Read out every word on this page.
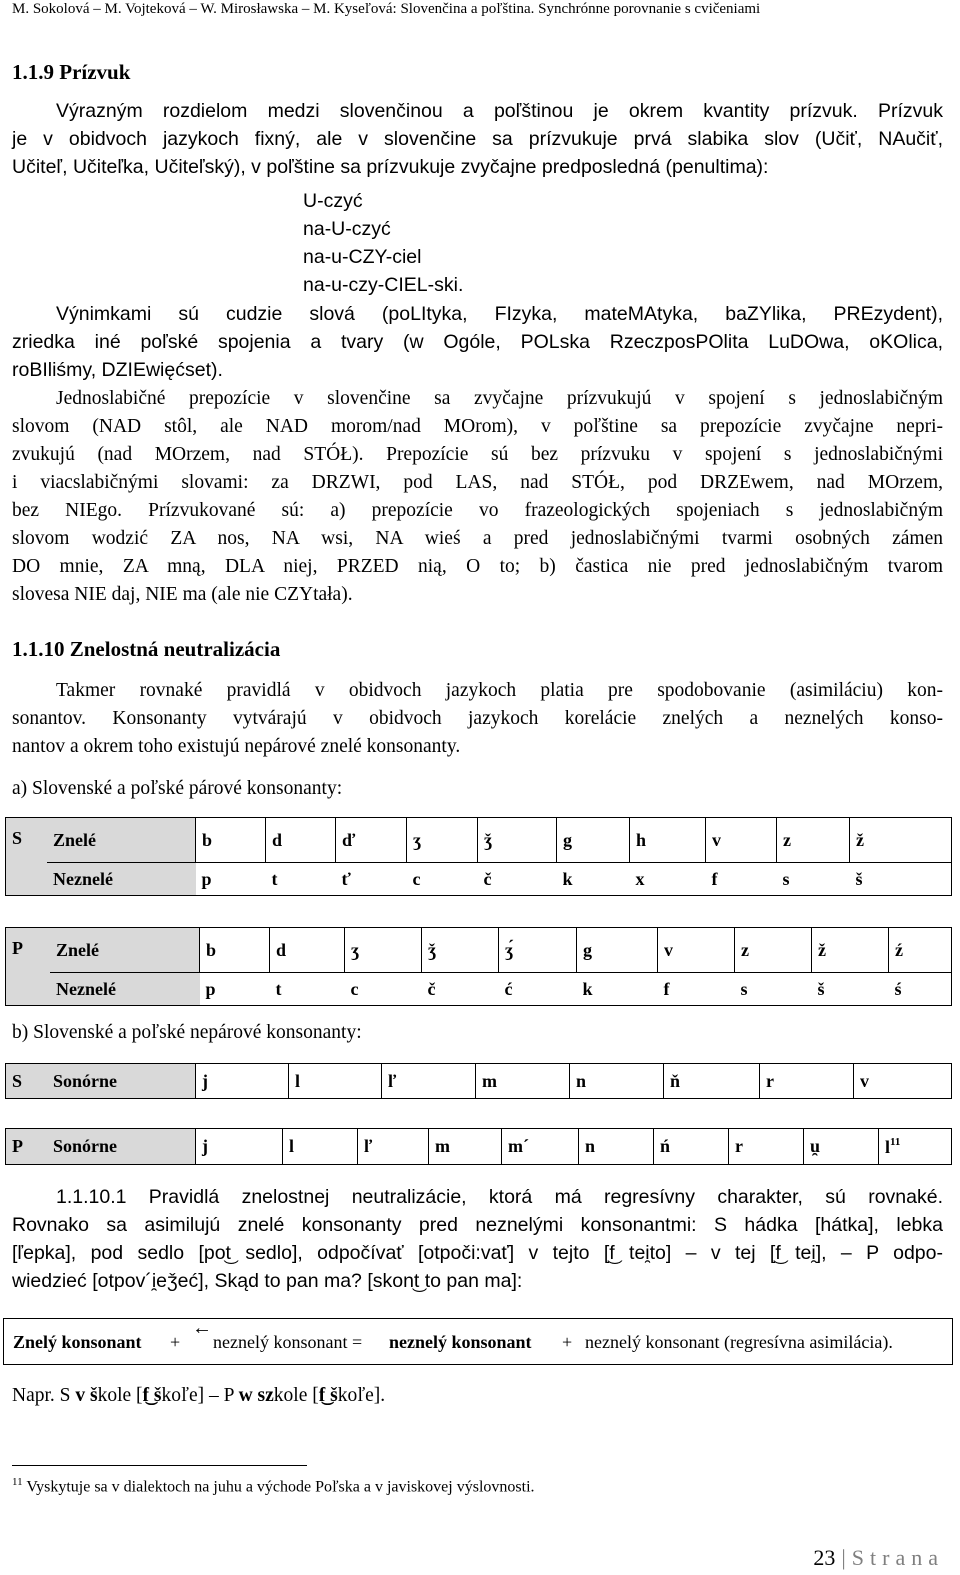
M. Sokolová – M. Vojteková – W. Mirosławska – M. Kyseľová: Slovenčina a poľština. Synchrónne porovnanie s cvičeniami
1.1.9 Prízvuk
Výrazným rozdielom medzi slovenčinou a poľštinou je okrem kvantity prízvuk. Prízvuk
je v obidvoch jazykoch fixný, ale v slovenčine sa prízvukuje prvá slabika slov (Učiť, NAučiť,
Učiteľ, Učiteľka, Učiteľský), v poľštine sa prízvukuje zvyčajne predposledná (penultima):
U-czyć
na-U-czyć
na-u-CZY-ciel
na-u-czy-CIEL-ski.
Výnimkami sú cudzie slová (poLItyka, FIzyka, mateMAtyka, baZYlika, PREzydent),
zriedka iné poľské spojenia a tvary (w Ogóle, POLska RzeczposPOlita LuDOwa, oKOlica,
roBIliśmy, DZIEwięćset).
Jednoslabičné prepozície v slovenčine sa zvyčajne prízvukujú v spojení s jednoslabičným
slovom (NAD stôl, ale NAD morom/nad MOrom), v poľštine sa prepozície zvyčajne nepri-
zvukujú (nad MOrzem, nad STÓŁ). Prepozície sú bez prízvuku v spojení s jednoslabičnými
i viacslabičnými slovami: za DRZWI, pod LAS, nad STÓŁ, pod DRZEwem, nad MOrzem,
bez NIEgo. Prízvukované sú: a) prepozície vo frazeologických spojeniach s jednoslabičným
slovom wodzić ZA nos, NA wsi, NA wieś a pred jednoslabičnými tvarmi osobných zámen
DO mnie, ZA mną, DLA niej, PRZED nią, O to; b) častica nie pred jednoslabičným tvarom
slovesa NIE daj, NIE ma (ale nie CZYtała).
1.1.10 Znelostná neutralizácia
Takmer rovnaké pravidlá v obidvoch jazykoch platia pre spodobovanie (asimiláciu) kon-
sonantov. Konsonanty vytvárajú v obidvoch jazykoch korelácie znelých a neznelých konso-
nantov a okrem toho existujú nepárové znelé konsonanty.
a) Slovenské a poľské párové konsonanty:
S	Znelé	b	d	ď	ʒ	ǯ	g	h	v	z	ž
	Neznelé	p	t	ť	c	č	k	x	f	s	š
P	Znelé	b	d	ʒ	ǯ	ʒ́	g	v	z	ž	ź
	Neznelé	p	t	c	č	ć	k	f	s	š	ś
b) Slovenské a poľské nepárové konsonanty:
S	Sonórne	j	l	ľ	m	n	ň	r	v
P	Sonórne	j	l	ľ	m	m´	n	ń	r	u̯	$l^{11}$
1.1.10.1 Pravidlá znelostnej neutralizácie, ktorá má regresívny charakter, sú rovnaké.
Rovnako sa asimilujú znelé konsonanty pred neznelými konsonantmi: S hádka [hátka], lebka
[ľepka], pod sedlo [pot͜ sedlo], odpočívať [otpoči:vať] v tejto [f͜ tei̯to] – v tej [f͜ tei̯], – P odpo-
wiedzieć [otpov´i̯eǯeć], Skąd to pan ma? [skont͜ to pan ma]:
Znelý konsonant +
←
neznelý konsonant = neznelý konsonant + neznelý konsonant (regresívna asimilácia).
Napr. S v škole [f͜ škoľe] – P w szkole [f͜ škoľe].
$^{11}$ Vyskytuje sa v dialektoch na juhu a východe Poľska a v javiskovej výslovnosti.
23 | Strana
